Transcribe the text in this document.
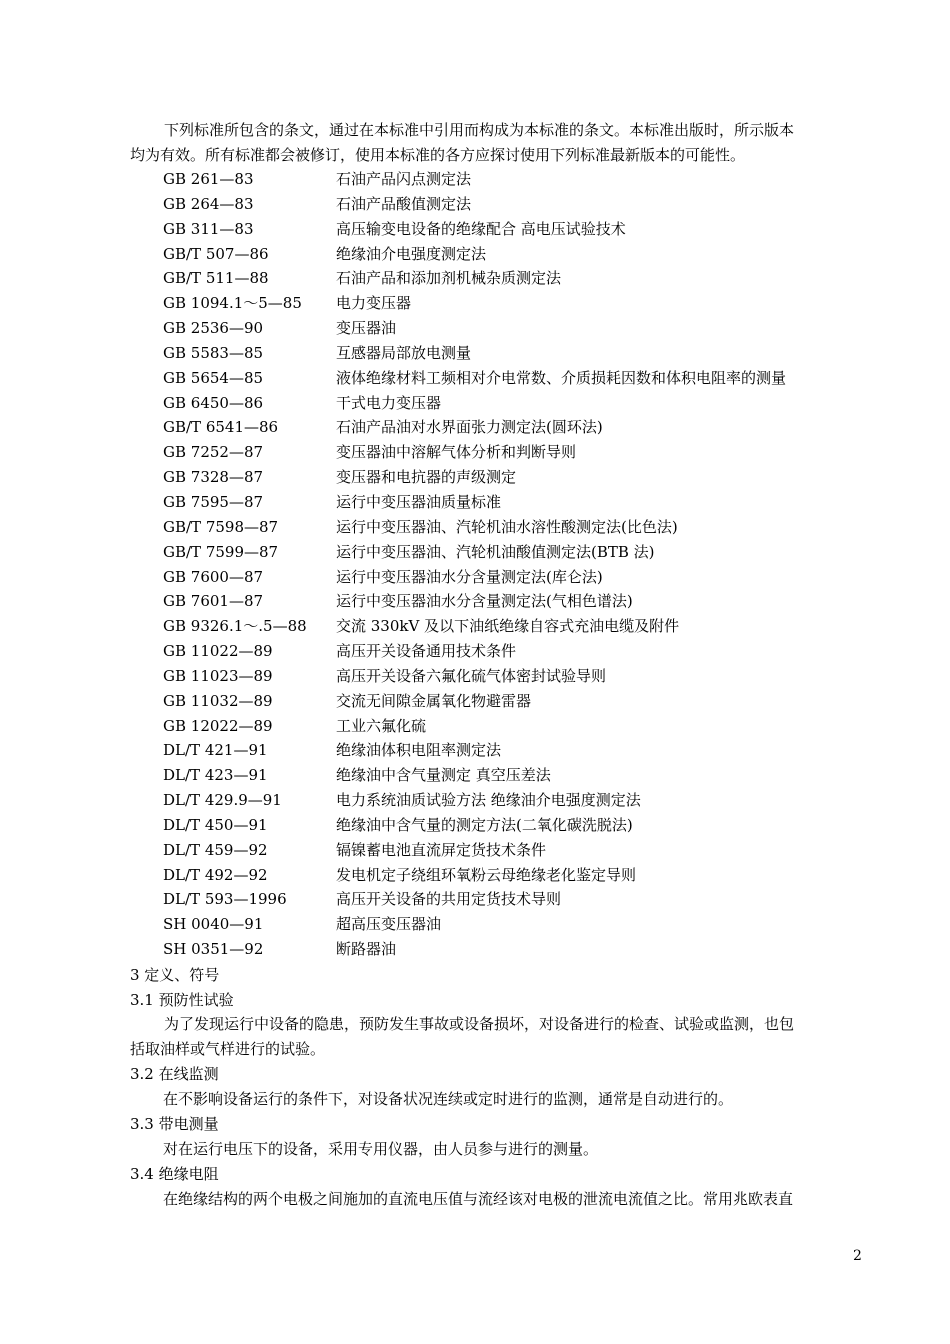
下列标准所包含的条文，通过在本标准中引用而构成为本标准的条文。本标准出版时，所示版本

均为有效。所有标准都会被修订，使用本标准的各方应探讨使用下列标准最新版本的可能性。

GB 261—83	石油产品闪点测定法
GB 264—83	石油产品酸值测定法
GB 311—83	高压输变电设备的绝缘配合 高电压试验技术
GB/T 507—86	绝缘油介电强度测定法
GB/T 511—88	石油产品和添加剂机械杂质测定法
GB 1094.1～5—85 电力变压器
GB 2536—90	变压器油
GB 5583—85	互感器局部放电测量
GB 5654—85	液体绝缘材料工频相对介电常数、介质损耗因数和体积电阻率的测量
GB 6450—86	干式电力变压器
GB/T 6541—86	石油产品油对水界面张力测定法(圆环法)
GB 7252—87	变压器油中溶解气体分析和判断导则
GB 7328—87	变压器和电抗器的声级测定
GB 7595—87	运行中变压器油质量标准
GB/T 7598—87	运行中变压器油、汽轮机油水溶性酸测定法(比色法)
GB/T 7599—87	运行中变压器油、汽轮机油酸值测定法(BTB 法)
GB 7600—87	运行中变压器油水分含量测定法(库仑法)
GB 7601—87	运行中变压器油水分含量测定法(气相色谱法)
GB 9326.1～.5—88 交流 330kV 及以下油纸绝缘自容式充油电缆及附件
GB 11022—89	高压开关设备通用技术条件
GB 11023—89	高压开关设备六氟化硫气体密封试验导则
GB 11032—89	交流无间隙金属氧化物避雷器
GB 12022—89	工业六氟化硫
DL/T 421—91	绝缘油体积电阻率测定法
DL/T 423—91	绝缘油中含气量测定 真空压差法
DL/T 429.9—91	电力系统油质试验方法 绝缘油介电强度测定法
DL/T 450—91	绝缘油中含气量的测定方法(二氧化碳洗脱法)
DL/T 459—92	镉镍蓄电池直流屏定货技术条件
DL/T 492—92	发电机定子绕组环氧粉云母绝缘老化鉴定导则
DL/T 593—1996	高压开关设备的共用定货技术导则
SH 0040—91	超高压变压器油
SH 0351—92	断路器油
3 定义、符号
3.1 预防性试验

为了发现运行中设备的隐患，预防发生事故或设备损坏，对设备进行的检查、试验或监测，也包

括取油样或气样进行的试验。

3.2 在线监测
在不影响设备运行的条件下，对设备状况连续或定时进行的监测，通常是自动进行的。
3.3 带电测量
对在运行电压下的设备，采用专用仪器，由人员参与进行的测量。
3.4 绝缘电阻
在绝缘结构的两个电极之间施加的直流电压值与流经该对电极的泄流电流值之比。常用兆欧表直
2
